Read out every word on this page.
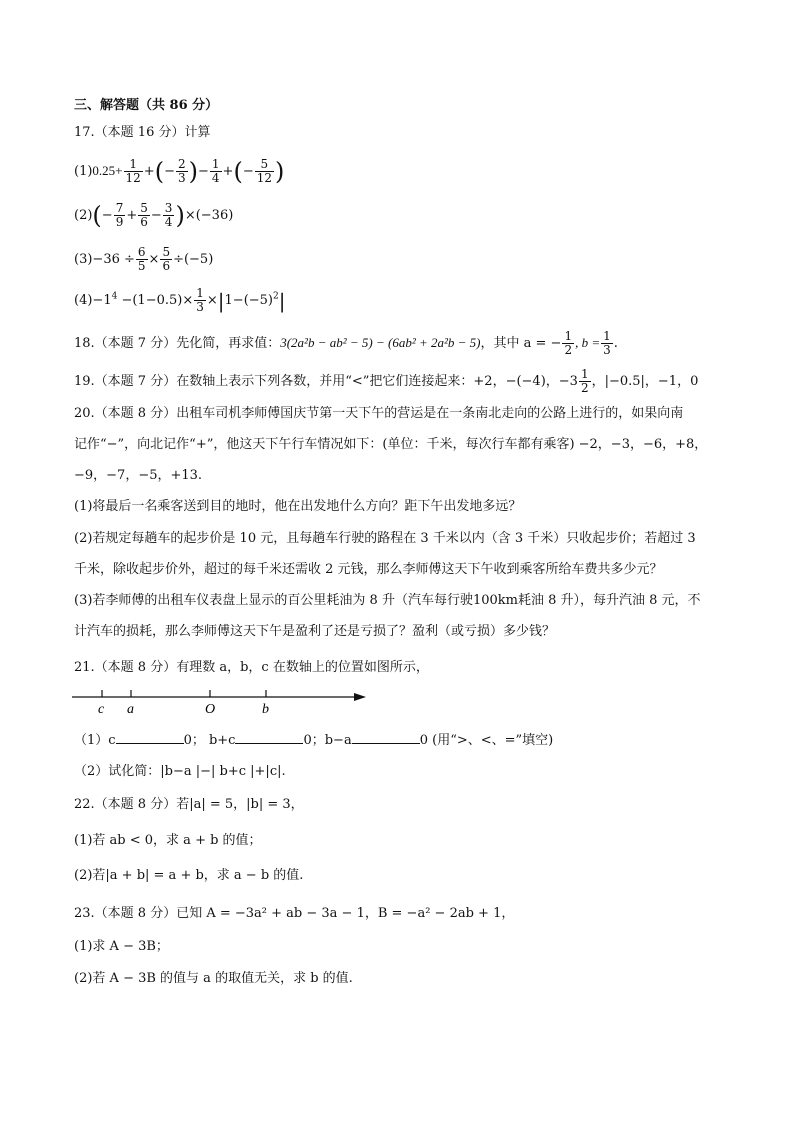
三、解答题（共 86 分）
17.（本题 16 分）计算
$(1)0.25+ \frac{1}{12}$ +(− $\frac{2}{3}$ )− $\frac{1}{4}$ +(− $\frac{5}{12}$ )
$(2)(- \frac{7}{9} + \frac{5}{6} - \frac{3}{4} )\times(-36)$
$(3)-36 \div \frac{6}{5} \times \frac{5}{6} \div(-5)$
$(4)-1^4 -(1-0.5)\times \frac{1}{3} \times|1-(-5)^2|$
18.（本题 7 分）先化简，再求值：3(2a²b − ab² − 5) − (6ab² + 2a²b − 5)，其中 a = − $\frac{1}{2}$ , $b = \frac{1}{3}$ .
19.（本题 7 分）在数轴上表示下列各数，并用“<”把它们连接起来：+2，−(−4)，$-3 \frac{1}{2}$ ，|−0.5|，−1，0
20.（本题 8 分）出租车司机李师傅国庆节第一天下午的营运是在一条南北走向的公路上进行的，如果向南
记作“−”，向北记作“+”，他这天下午行车情况如下：(单位：千米，每次行车都有乘客) −2，−3，−6，+8，
−9，−7，−5，+13.
(1)将最后一名乘客送到目的地时，他在出发地什么方向？距下午出发地多远？
(2)若规定每趟车的起步价是 10 元，且每趟车行驶的路程在 3 千米以内（含 3 千米）只收起步价；若超过 3
千米，除收起步价外，超过的每千米还需收 2 元钱，那么李师傅这天下午收到乘客所给车费共多少元？
(3)若李师傅的出租车仪表盘上显示的百公里耗油为 8 升（汽车每行驶100km耗油 8 升），每升汽油 8 元，不
计汽车的损耗，那么李师傅这天下午是盈利了还是亏损了？盈利（或亏损）多少钱？
21.（本题 8 分）有理数 a，b，c 在数轴上的位置如图所示，
c a	O	b
（1）c	0； b+c	0；b−a	0 (用“>、<、=”填空)
（2）试化简：|b−a |−| b+c |+|c|.
22.（本题 8 分）若|a| = 5，|b| = 3，
(1)若 ab < 0，求 a + b 的值；
(2)若|a + b| = a + b，求 a − b 的值.
23.（本题 8 分）已知 A = −3a² + ab − 3a − 1，B = −a² − 2ab + 1，
(1)求 A − 3B；
(2)若 A − 3B 的值与 a 的取值无关，求 b 的值.
